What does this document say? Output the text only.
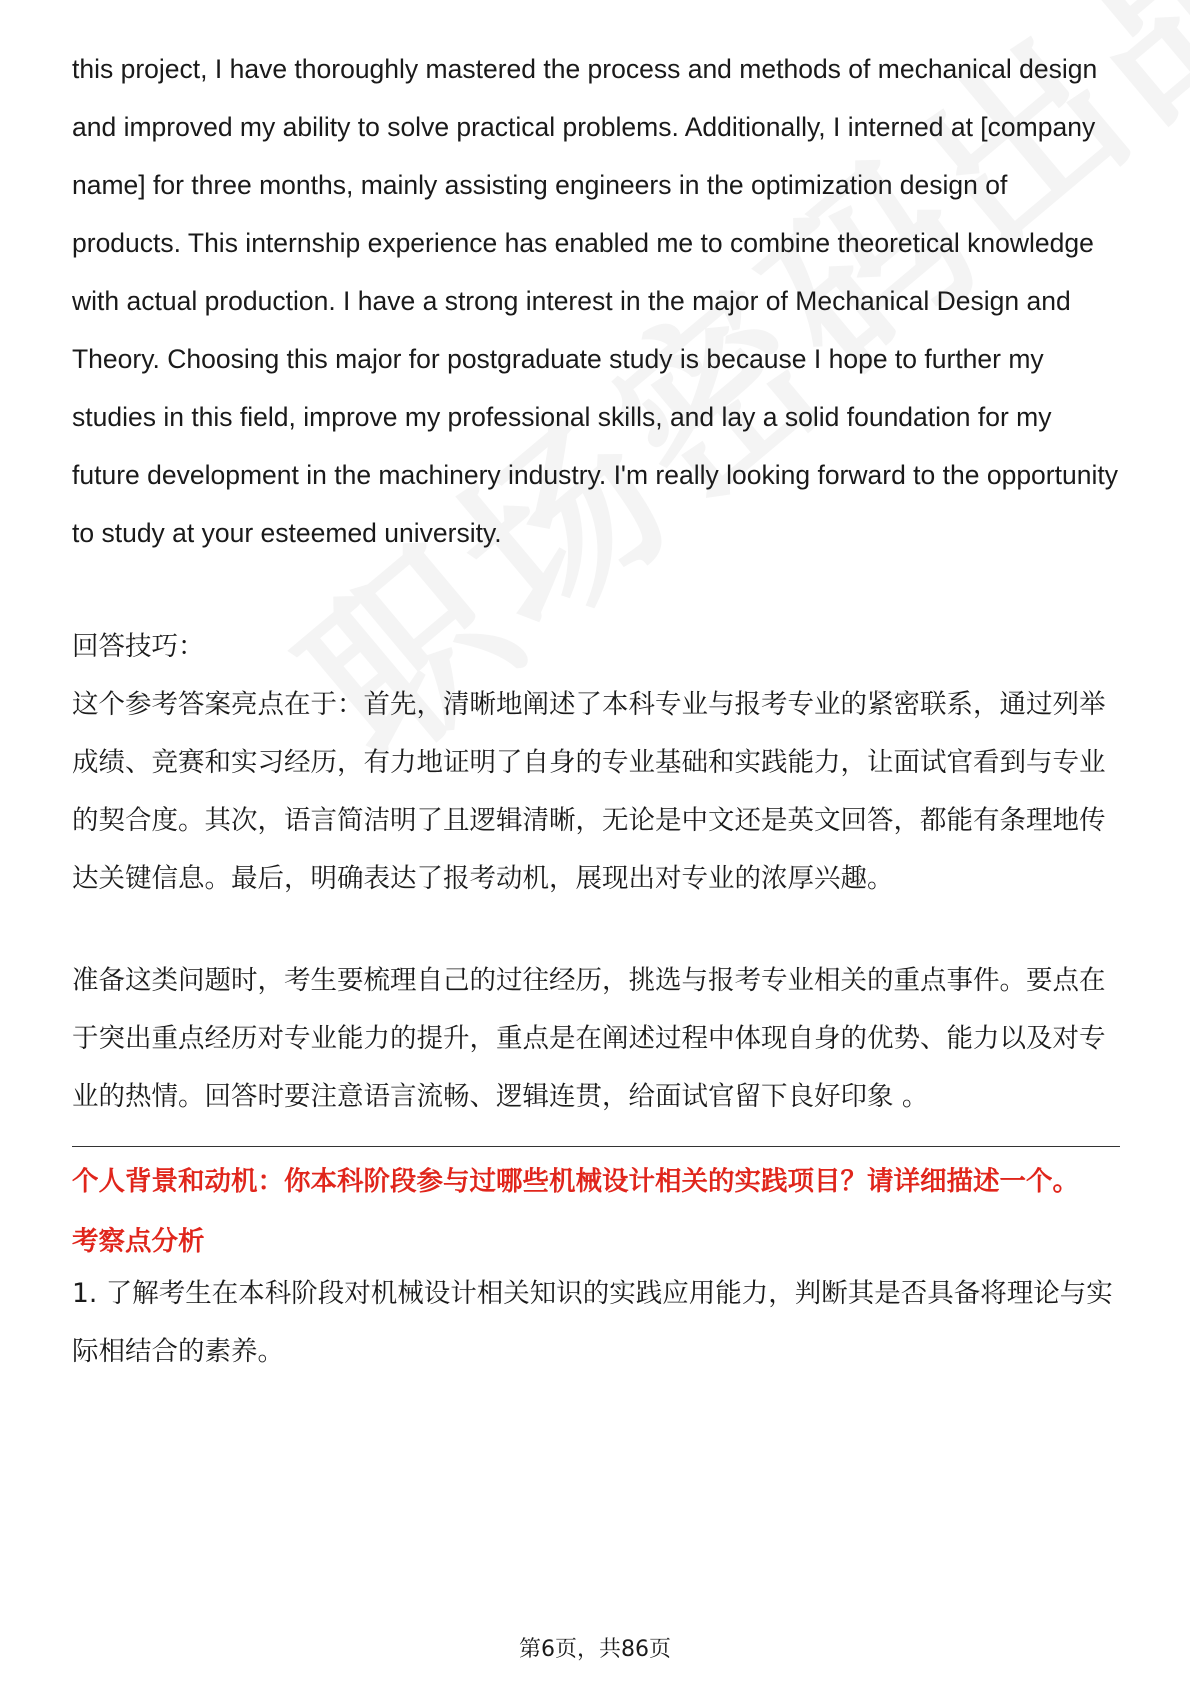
this project, I have thoroughly mastered the process and methods of mechanical design and improved my ability to solve practical problems. Additionally, I interned at [company name] for three months, mainly assisting engineers in the optimization design of products. This internship experience has enabled me to combine theoretical knowledge with actual production. I have a strong interest in the major of Mechanical Design and Theory. Choosing this major for postgraduate study is because I hope to further my studies in this field, improve my professional skills, and lay a solid foundation for my future development in the machinery industry. I'm really looking forward to the opportunity to study at your esteemed university.

回答技巧：

这个参考答案亮点在于：首先，清晰地阐述了本科专业与报考专业的紧密联系，通过列举成绩、竞赛和实习经历，有力地证明了自身的专业基础和实践能力，让面试官看到与专业的契合度。其次，语言简洁明了且逻辑清晰，无论是中文还是英文回答，都能有条理地传达关键信息。最后，明确表达了报考动机，展现出对专业的浓厚兴趣。

准备这类问题时，考生要梳理自己的过往经历，挑选与报考专业相关的重点事件。要点在于突出重点经历对专业能力的提升，重点是在阐述过程中体现自身的优势、能力以及对专业的热情。回答时要注意语言流畅、逻辑连贯，给面试官留下良好印象 。

个人背景和动机：你本科阶段参与过哪些机械设计相关的实践项目？请详细描述一个。

考察点分析

1. 了解考生在本科阶段对机械设计相关知识的实践应用能力，判断其是否具备将理论与实际相结合的素养。

第6页，共86页
